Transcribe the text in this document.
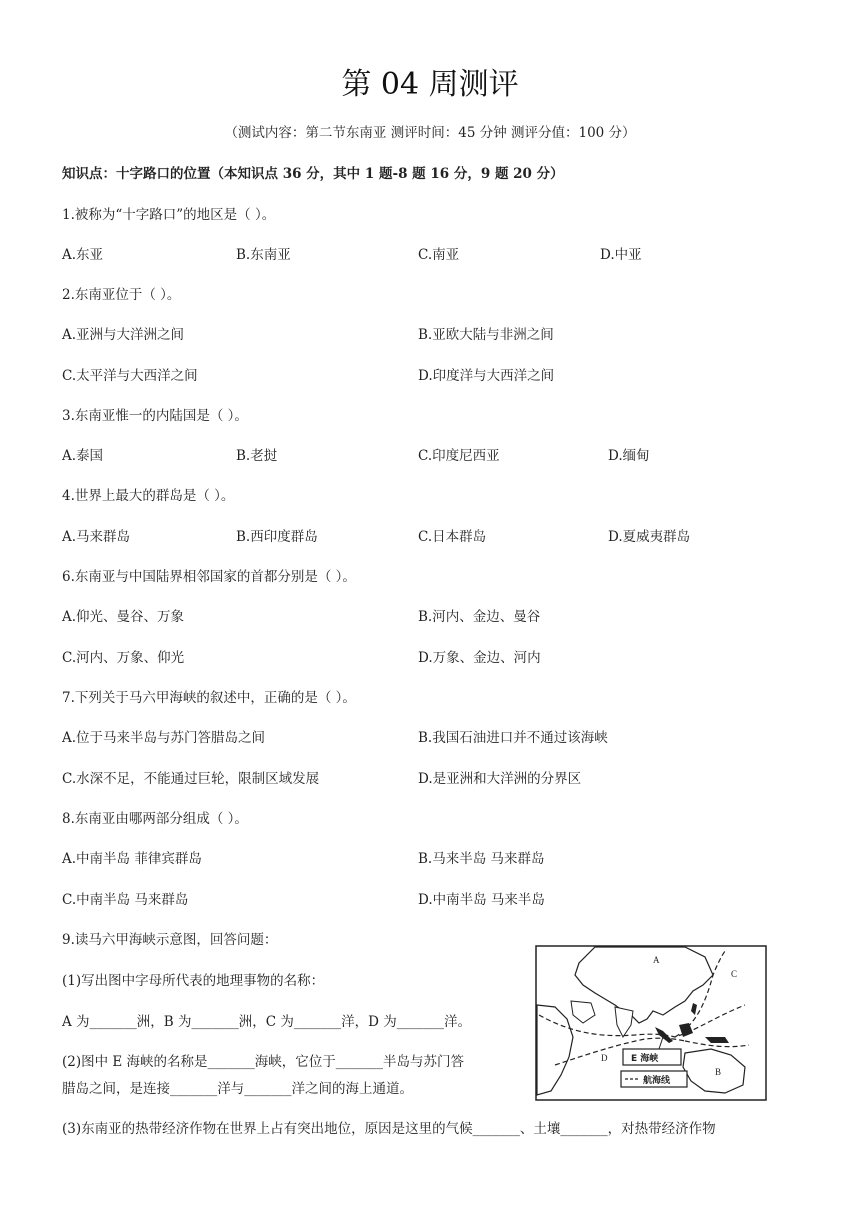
第 04 周测评
（测试内容：第二节东南亚 测评时间：45 分钟 测评分值：100 分）
知识点：十字路口的位置（本知识点 36 分，其中 1 题-8 题 16 分，9 题 20 分）
1.被称为“十字路口”的地区是（ ）。
A.东亚	B.东南亚	C.南亚	D.中亚
2.东南亚位于（ ）。
A.亚洲与大洋洲之间	B.亚欧大陆与非洲之间
C.太平洋与大西洋之间	D.印度洋与大西洋之间
3.东南亚惟一的内陆国是（ ）。
A.泰国	B.老挝	C.印度尼西亚	D.缅甸
4.世界上最大的群岛是（ ）。
A.马来群岛	B.西印度群岛	C.日本群岛	D.夏威夷群岛
6.东南亚与中国陆界相邻国家的首都分别是（ ）。
A.仰光、曼谷、万象	B.河内、金边、曼谷
C.河内、万象、仰光	D.万象、金边、河内
7.下列关于马六甲海峡的叙述中，正确的是（ ）。
A.位于马来半岛与苏门答腊岛之间	B.我国石油进口并不通过该海峡
C.水深不足，不能通过巨轮，限制区域发展	D.是亚洲和大洋洲的分界区
8.东南亚由哪两部分组成（ ）。
A.中南半岛 菲律宾群岛	B.马来半岛 马来群岛
C.中南半岛 马来群岛	D.中南半岛 马来半岛
9.读马六甲海峡示意图，回答问题：
(1)写出图中字母所代表的地理事物的名称：
A 为_______洲，B 为_______洲，C 为_______洋，D 为_______洋。
(2)图中 E 海峡的名称是_______海峡，它位于_______半岛与苏门答
腊岛之间，是连接_______洋与_______洋之间的海上通道。
(3)东南亚的热带经济作物在世界上占有突出地位，原因是这里的气候_______、土壤_______，对热带经济作物
A
C
B
D	E 海峡
航海线
